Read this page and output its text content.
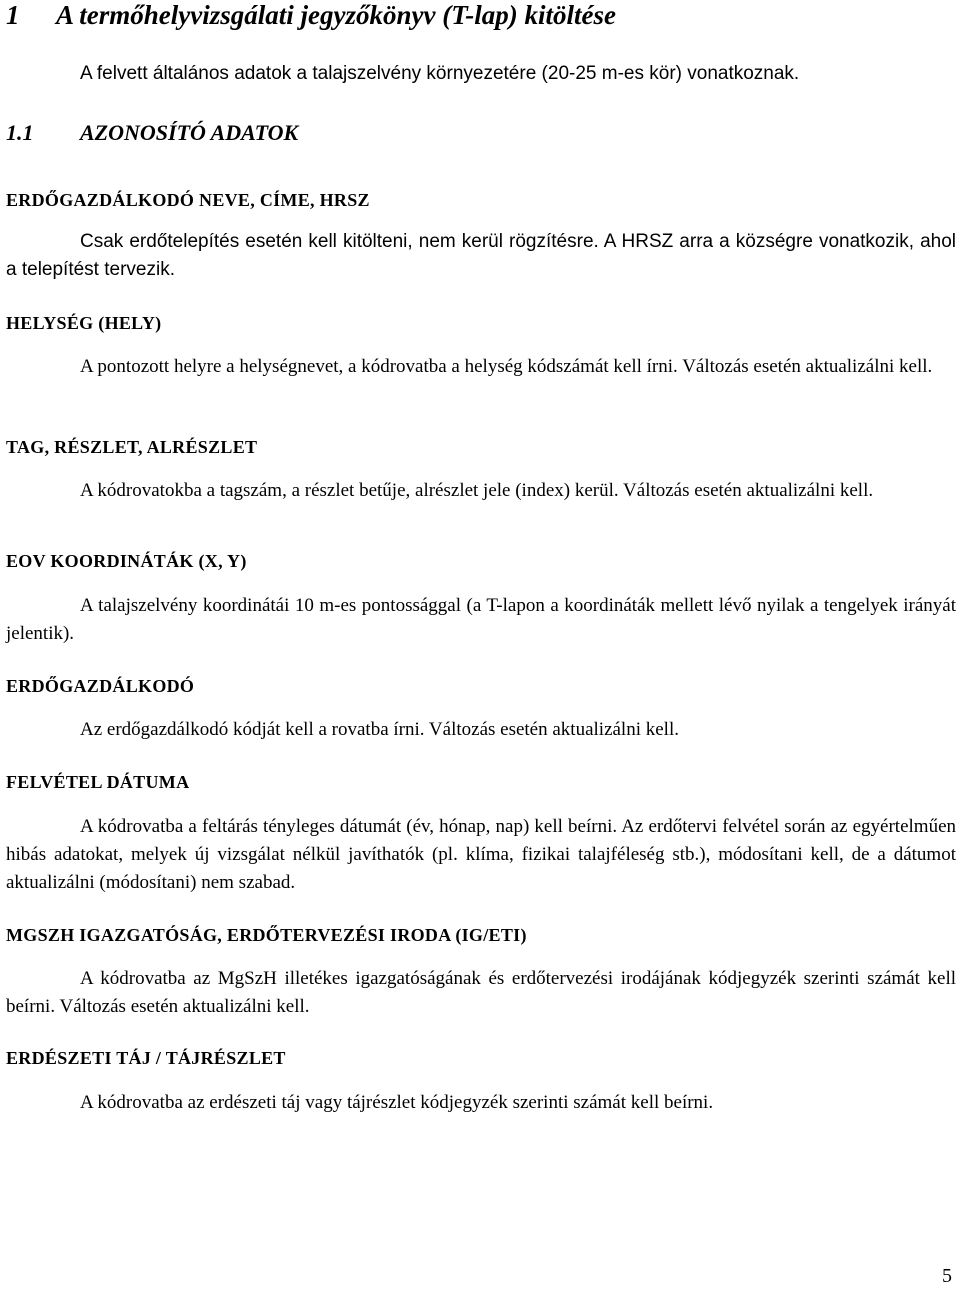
1 A termőhelyvizsgálati jegyzőkönyv (T-lap) kitöltése

A felvett általános adatok a talajszelvény környezetére (20-25 m-es kör) vonatkoznak.

1.1 AZONOSÍTÓ ADATOK
ERDŐGAZDÁLKODÓ NEVE, CÍME, HRSZ

Csak erdőtelepítés esetén kell kitölteni, nem kerül rögzítésre. A HRSZ arra a községre vonatkozik, ahol a telepítést tervezik.

HELYSÉG (HELY)

A pontozott helyre a helységnevet, a kódrovatba a helység kódszámát kell írni. Változás esetén aktualizálni kell.

TAG, RÉSZLET, ALRÉSZLET

A kódrovatokba a tagszám, a részlet betűje, alrészlet jele (index) kerül. Változás esetén aktualizálni kell.

EOV KOORDINÁTÁK (X, Y)

A talajszelvény koordinátái 10 m-es pontossággal (a T-lapon a koordináták mellett lévő nyilak a tengelyek irányát jelentik).

ERDŐGAZDÁLKODÓ

Az erdőgazdálkodó kódját kell a rovatba írni. Változás esetén aktualizálni kell.

FELVÉTEL DÁTUMA

A kódrovatba a feltárás tényleges dátumát (év, hónap, nap) kell beírni. Az erdőtervi felvétel során az egyértelműen hibás adatokat, melyek új vizsgálat nélkül javíthatók (pl. klíma, fizikai talajféleség stb.), módosítani kell, de a dátumot aktualizálni (módosítani) nem szabad.

MGSZH IGAZGATÓSÁG, ERDŐTERVEZÉSI IRODA (IG/ETI)

A kódrovatba az MgSzH illetékes igazgatóságának és erdőtervezési irodájának kódjegyzék szerinti számát kell beírni. Változás esetén aktualizálni kell.

ERDÉSZETI TÁJ / TÁJRÉSZLET

A kódrovatba az erdészeti táj vagy tájrészlet kódjegyzék szerinti számát kell beírni.

5
